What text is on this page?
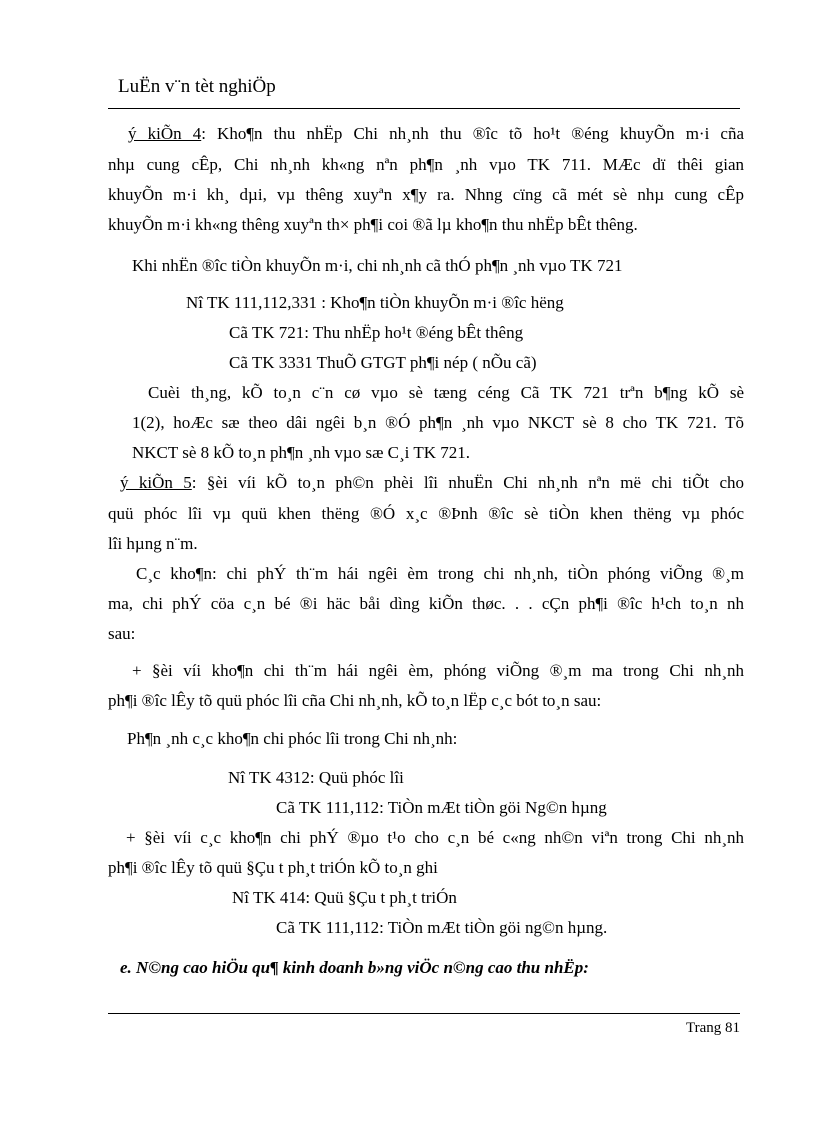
LuËn v¨n tèt nghiÖp
ý kiÕn 4: Kho¶n thu nhËp Chi nh¸nh thu ®îc tõ ho¹t ®éng khuyÕn m·i cña
nhµ cung cÊp, Chi nh¸nh kh«ng nªn ph¶n ¸nh vµo TK 711. MÆc dï thêi gian
khuyÕn m·i kh¸ dµi, vµ thêng xuyªn x¶y ra. Nhng cïng cã mét sè nhµ cung cÊp
khuyÕn m·i kh«ng thêng xuyªn th× ph¶i coi ®ã lµ kho¶n thu nhËp bÊt thêng.
Khi nhËn ®îc tiÒn khuyÕn m·i, chi nh¸nh cã thÓ ph¶n ¸nh vµo TK 721
Nî TK 111,112,331 : Kho¶n tiÒn khuyÕn m·i ®îc hëng
Cã TK 721: Thu nhËp ho¹t ®éng bÊt thêng
Cã TK 3331 ThuÕ GTGT ph¶i nép ( nÕu cã)
Cuèi th¸ng, kÕ to¸n c¨n cø vµo sè tæng céng Cã TK 721 trªn b¶ng kÕ sè
1(2), hoÆc sæ theo dâi ngêi b¸n ®Ó ph¶n ¸nh vµo NKCT sè 8 cho TK 721. Tõ
NKCT sè 8 kÕ to¸n ph¶n ¸nh vµo sæ C¸i TK 721.
ý kiÕn 5: §èi víi kÕ to¸n ph©n phèi lîi nhuËn Chi nh¸nh nªn më chi tiÕt cho
quü phóc lîi vµ quü khen thëng ®Ó x¸c ®Þnh ®îc sè tiÒn khen thëng vµ phóc
lîi hµng n¨m.
C¸c kho¶n: chi phÝ th¨m hái ngêi èm trong chi nh¸nh, tiÒn phóng viÕng ®¸m
ma, chi phÝ cöa c¸n bé ®i häc båi dìng kiÕn thøc. . . cÇn ph¶i ®îc h¹ch to¸n nh
sau:
+ §èi víi kho¶n chi th¨m hái ngêi èm, phóng viÕng ®¸m ma trong Chi nh¸nh
ph¶i ®îc lÊy tõ quü phóc lîi cña Chi nh¸nh, kÕ to¸n lËp c¸c bót to¸n sau:
Ph¶n ¸nh c¸c kho¶n chi phóc lîi trong Chi nh¸nh:
Nî TK 4312: Quü phóc lîi
Cã TK 111,112: TiÒn mÆt tiÒn göi Ng©n hµng
+ §èi víi c¸c kho¶n chi phÝ ®µo t¹o cho c¸n bé c«ng nh©n viªn trong Chi nh¸nh
ph¶i ®îc lÊy tõ quü §Çu t ph¸t triÓn kÕ to¸n ghi
Nî TK 414: Quü §Çu t ph¸t triÓn
Cã TK 111,112: TiÒn mÆt tiÒn göi ng©n hµng.
e. N©ng cao hiÖu qu¶ kinh doanh b»ng viÖc n©ng cao thu nhËp:
Trang 81
